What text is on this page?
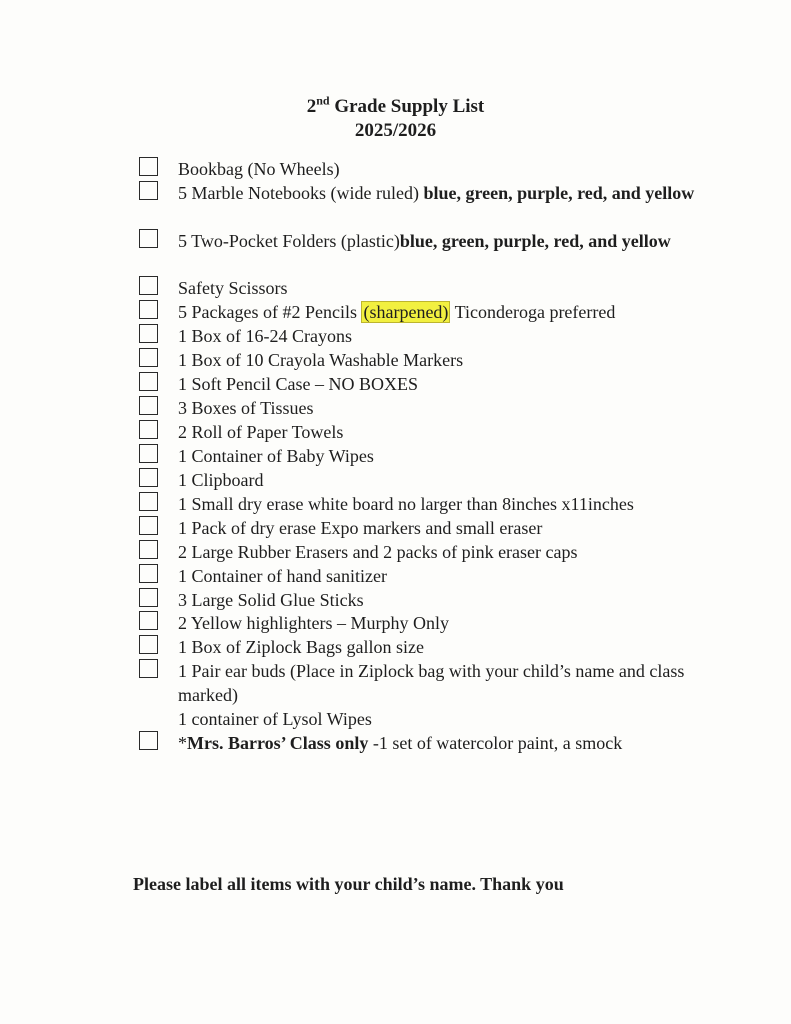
2nd Grade Supply List
2025/2026
Bookbag (No Wheels)
5 Marble Notebooks (wide ruled) blue, green, purple, red, and yellow
5 Two-Pocket Folders (plastic)blue, green, purple, red, and yellow
Safety Scissors
5 Packages of #2 Pencils (sharpened) Ticonderoga preferred
1 Box of 16-24 Crayons
1 Box of 10 Crayola Washable Markers
1 Soft Pencil Case – NO BOXES
3 Boxes of Tissues
2 Roll of Paper Towels
1 Container of Baby Wipes
1 Clipboard
1 Small dry erase white board no larger than 8inches x11inches
1 Pack of dry erase Expo markers and small eraser
2 Large Rubber Erasers and 2 packs of pink eraser caps
1 Container of hand sanitizer
3 Large Solid Glue Sticks
2 Yellow highlighters – Murphy Only
1 Box of Ziplock Bags gallon size
1 Pair ear buds (Place in Ziplock bag with your child’s name and class marked)
1 container of Lysol Wipes
*Mrs. Barros’ Class only -1 set of watercolor paint, a smock
Please label all items with your child’s name. Thank you
